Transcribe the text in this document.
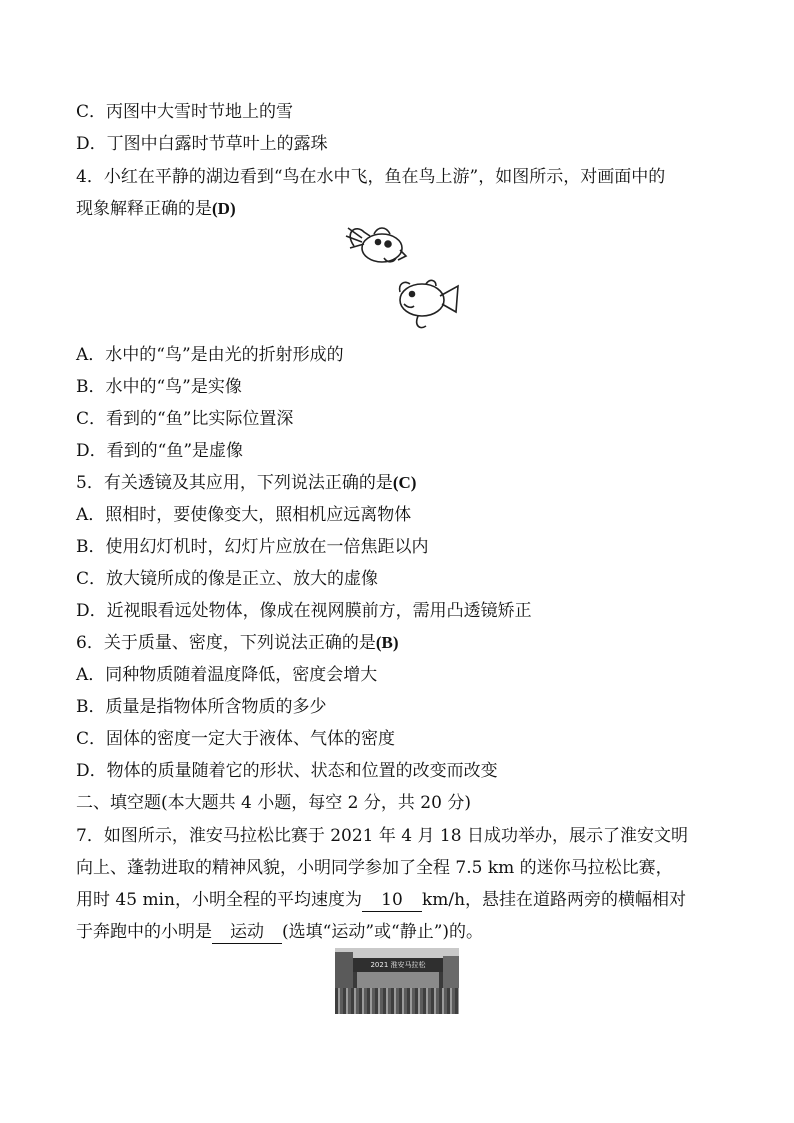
C．丙图中大雪时节地上的雪
D．丁图中白露时节草叶上的露珠
4．小红在平静的湖边看到“鸟在水中飞，鱼在鸟上游”，如图所示，对画面中的
现象解释正确的是(D)
A．水中的“鸟”是由光的折射形成的
B．水中的“鸟”是实像
C．看到的“鱼”比实际位置深
D．看到的“鱼”是虚像
5．有关透镜及其应用，下列说法正确的是(C)
A．照相时，要使像变大，照相机应远离物体
B．使用幻灯机时，幻灯片应放在一倍焦距以内
C．放大镜所成的像是正立、放大的虚像
D．近视眼看远处物体，像成在视网膜前方，需用凸透镜矫正
6．关于质量、密度，下列说法正确的是(B)
A．同种物质随着温度降低，密度会增大
B．质量是指物体所含物质的多少
C．固体的密度一定大于液体、气体的密度
D．物体的质量随着它的形状、状态和位置的改变而改变
二、填空题(本大题共 4 小题，每空 2 分，共 20 分)
7．如图所示，淮安马拉松比赛于 2021 年 4 月 18 日成功举办，展示了淮安文明
向上、蓬勃进取的精神风貌，小明同学参加了全程 7.5 km 的迷你马拉松比赛，
用时 45 min，小明全程的平均速度为 10 km/h，悬挂在道路两旁的横幅相对
于奔跑中的小明是 运动 (选填“运动”或“静止”)的。
2021 淮安马拉松
